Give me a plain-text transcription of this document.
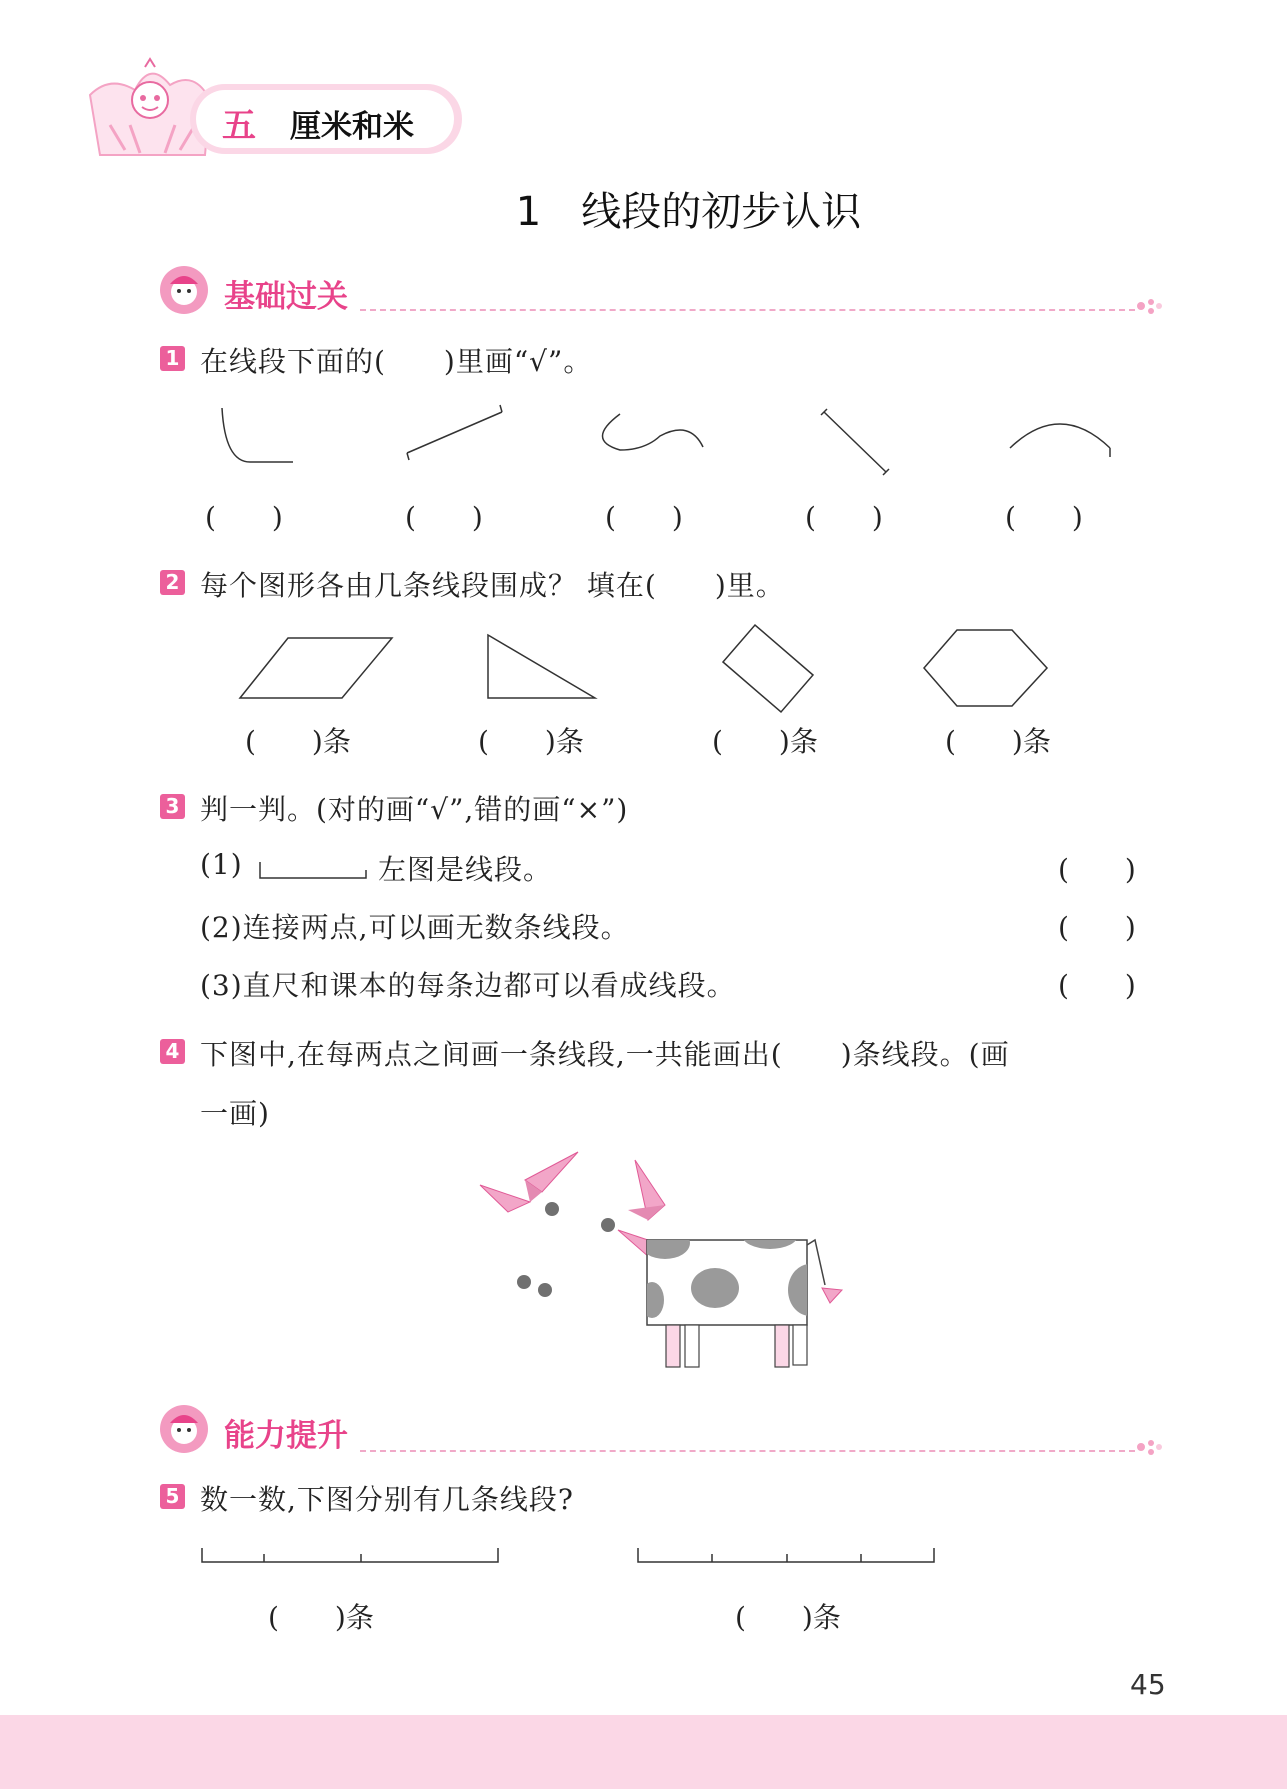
五 厘米和米
1　线段的初步认识
基础过关
1 在线段下面的(　　)里画“√”。
(　　)	(　　)	(　　)	(　　)	(　　)
2 每个图形各由几条线段围成？ 填在(　　)里。
(　　)条	(　　)条	(　　)条	(　　)条
3 判一判。(对的画“√”,错的画“×”)
(1)	左图是线段。	(　　)
(2)连接两点,可以画无数条线段。	(　　)
(3)直尺和课本的每条边都可以看成线段。	(　　)
4 下图中,在每两点之间画一条线段,一共能画出(　　)条线段。(画
一画)
能力提升
5 数一数,下图分别有几条线段?
(　　)条	(　　)条
45
